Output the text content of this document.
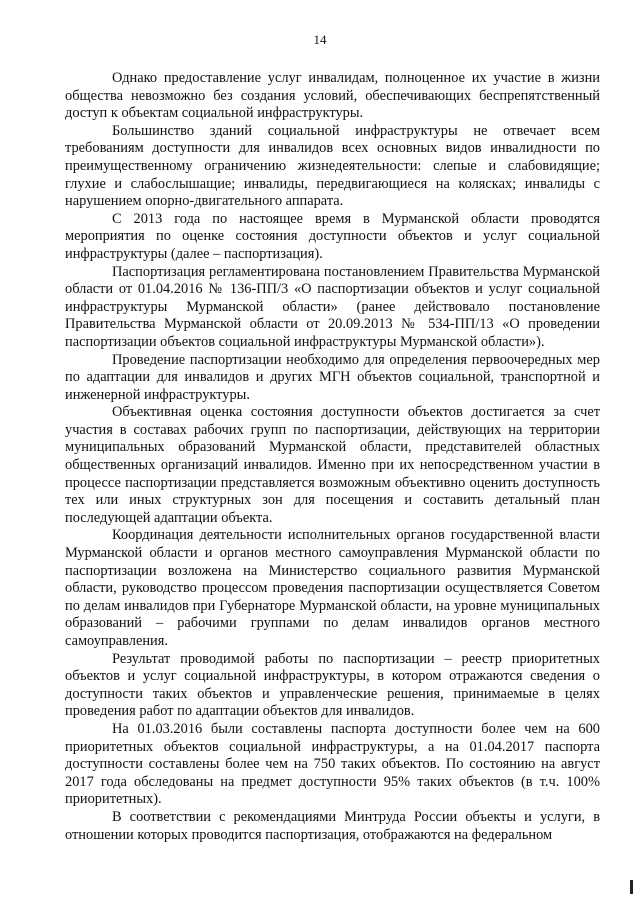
14

Однако предоставление услуг инвалидам, полноценное их участие в жизни общества невозможно без создания условий, обеспечивающих беспрепятственный доступ к объектам социальной инфраструктуры.

Большинство зданий социальной инфраструктуры не отвечает всем требованиям доступности для инвалидов всех основных видов инвалидности по преимущественному ограничению жизнедеятельности: слепые и слабовидящие; глухие и слабослышащие; инвалиды, передвигающиеся на колясках; инвалиды с нарушением опорно-двигательного аппарата.

С 2013 года по настоящее время в Мурманской области проводятся мероприятия по оценке состояния доступности объектов и услуг социальной инфраструктуры (далее – паспортизация).

Паспортизация регламентирована постановлением Правительства Мурманской области от 01.04.2016 № 136-ПП/3 «О паспортизации объектов и услуг социальной инфраструктуры Мурманской области» (ранее действовало постановление Правительства Мурманской области от 20.09.2013 № 534-ПП/13 «О проведении паспортизации объектов социальной инфраструктуры Мурманской области»).

Проведение паспортизации необходимо для определения первоочередных мер по адаптации для инвалидов и других МГН объектов социальной, транспортной и инженерной инфраструктуры.

Объективная оценка состояния доступности объектов достигается за счет участия в составах рабочих групп по паспортизации, действующих на территории муниципальных образований Мурманской области, представителей областных общественных организаций инвалидов. Именно при их непосредственном участии в процессе паспортизации представляется возможным объективно оценить доступность тех или иных структурных зон для посещения и составить детальный план последующей адаптации объекта.

Координация деятельности исполнительных органов государственной власти Мурманской области и органов местного самоуправления Мурманской области по паспортизации возложена на Министерство социального развития Мурманской области, руководство процессом проведения паспортизации осуществляется Советом по делам инвалидов при Губернаторе Мурманской области, на уровне муниципальных образований – рабочими группами по делам инвалидов органов местного самоуправления.

Результат проводимой работы по паспортизации – реестр приоритетных объектов и услуг социальной инфраструктуры, в котором отражаются сведения о доступности таких объектов и управленческие решения, принимаемые в целях проведения работ по адаптации объектов для инвалидов.

На 01.03.2016 были составлены паспорта доступности более чем на 600 приоритетных объектов социальной инфраструктуры, а на 01.04.2017 паспорта доступности составлены более чем на 750 таких объектов. По состоянию на август 2017 года обследованы на предмет доступности 95% таких объектов (в т.ч. 100% приоритетных).

В соответствии с рекомендациями Минтруда России объекты и услуги, в отношении которых проводится паспортизация, отображаются на федеральном
